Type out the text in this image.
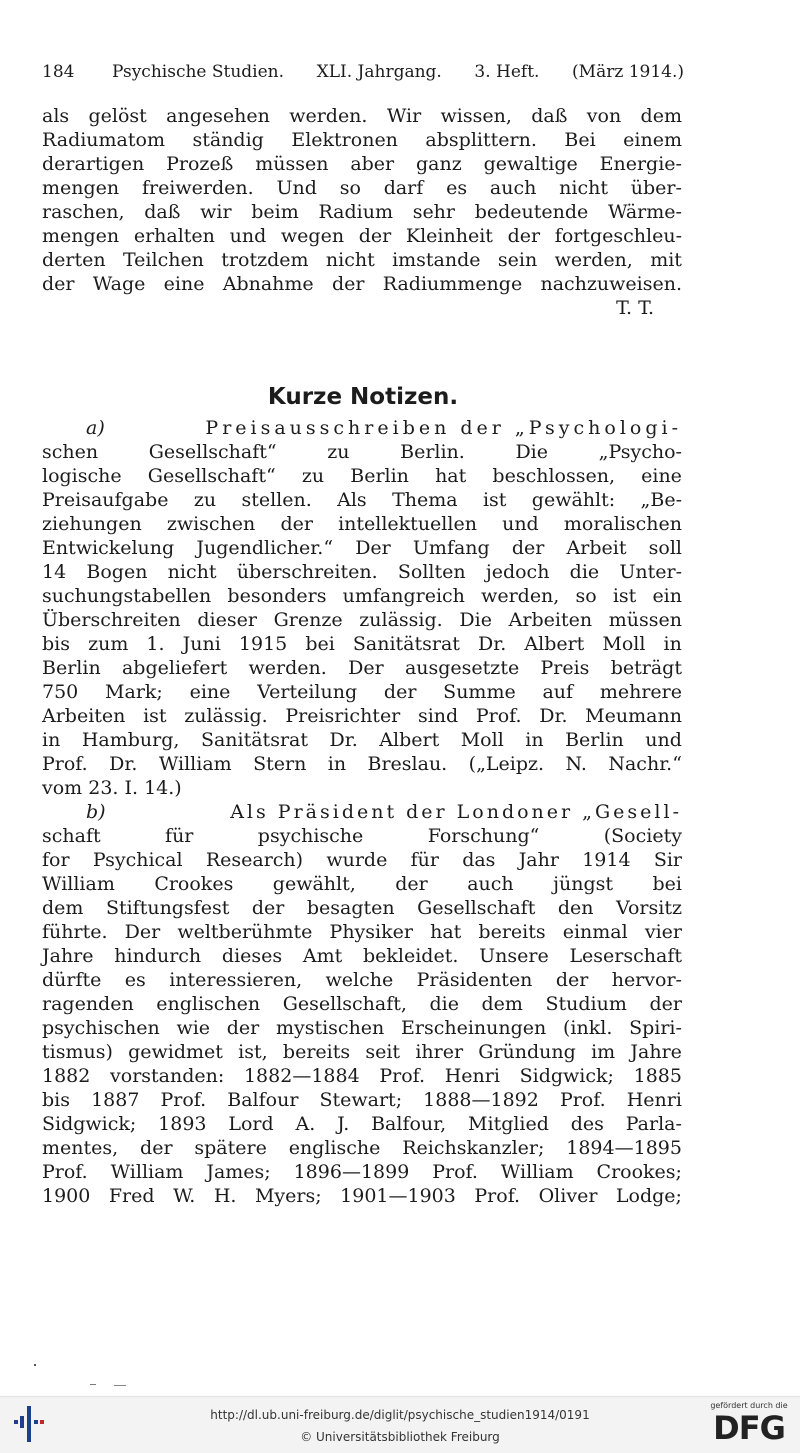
184	Psychische Studien. XLI. Jahrgang. 3. Heft. (März 1914.)
als gelöst angesehen werden. Wir wissen, daß von dem
Radiumatom ständig Elektronen absplittern. Bei einem
derartigen Prozeß müssen aber ganz gewaltige Energie-
mengen freiwerden. Und so darf es auch nicht über-
raschen, daß wir beim Radium sehr bedeutende Wärme-
mengen erhalten und wegen der Kleinheit der fortgeschleu-
derten Teilchen trotzdem nicht imstande sein werden, mit
der Wage eine Abnahme der Radiummenge nachzuweisen.
T. T.
Kurze Notizen.
a)	Preisausschreiben der „Psychologi-
schen	Gesellschaft“	zu	Berlin.	Die	„Psycho-
logische Gesellschaft“ zu Berlin hat beschlossen, eine
Preisaufgabe zu stellen. Als Thema ist gewählt: „Be-
ziehungen zwischen der intellektuellen und moralischen
Entwickelung Jugendlicher.“ Der Umfang der Arbeit soll
14 Bogen nicht überschreiten. Sollten jedoch die Unter-
suchungstabellen besonders umfangreich werden, so ist ein
Überschreiten dieser Grenze zulässig. Die Arbeiten müssen
bis zum 1. Juni 1915 bei Sanitätsrat Dr. Albert Moll in
Berlin abgeliefert werden. Der ausgesetzte Preis beträgt
750 Mark; eine Verteilung der Summe auf mehrere
Arbeiten ist zulässig. Preisrichter sind Prof. Dr. Meumann
in Hamburg, Sanitätsrat Dr. Albert Moll in Berlin und
Prof. Dr. William Stern in Breslau. („Leipz. N. Nachr.“
vom 23. I. 14.)
b)	Als Präsident der Londoner „Gesell-
schaft	für	psychische	Forschung“	(Society
for Psychical Research) wurde für das Jahr 1914 Sir
William Crookes gewählt, der auch jüngst bei
dem Stiftungsfest der besagten Gesellschaft den Vorsitz
führte. Der weltberühmte Physiker hat bereits einmal vier
Jahre hindurch dieses Amt bekleidet. Unsere Leserschaft
dürfte es interessieren, welche Präsidenten der hervor-
ragenden englischen Gesellschaft, die dem Studium der
psychischen wie der mystischen Erscheinungen (inkl. Spiri-
tismus) gewidmet ist, bereits seit ihrer Gründung im Jahre
1882 vorstanden: 1882—1884 Prof. Henri Sidgwick; 1885
bis 1887 Prof. Balfour Stewart; 1888—1892 Prof. Henri
Sidgwick; 1893 Lord A. J. Balfour, Mitglied des Parla-
mentes, der spätere englische Reichskanzler; 1894—1895
Prof. William James; 1896—1899 Prof. William Crookes;
1900 Fred W. H. Myers; 1901—1903 Prof. Oliver Lodge;
http://dl.ub.uni-freiburg.de/diglit/psychische_studien1914/0191
© Universitätsbibliothek Freiburg
gefördert durch die
DFG
